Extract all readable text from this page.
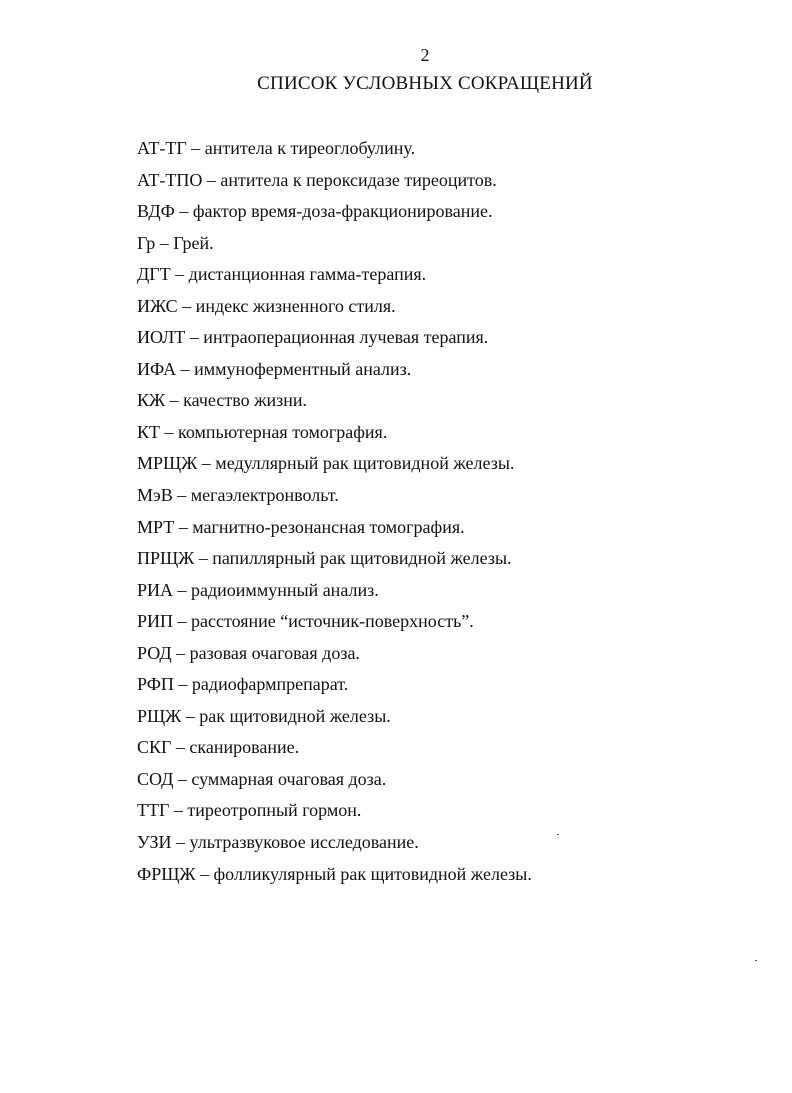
2
СПИСОК УСЛОВНЫХ СОКРАЩЕНИЙ
АТ-ТГ – антитела к тиреоглобулину.
АТ-ТПО – антитела к пероксидазе тиреоцитов.
ВДФ – фактор время-доза-фракционирование.
Гр – Грей.
ДГТ – дистанционная гамма-терапия.
ИЖС – индекс жизненного стиля.
ИОЛТ – интраоперационная лучевая терапия.
ИФА – иммуноферментный анализ.
КЖ – качество жизни.
КТ – компьютерная томография.
МРЩЖ – медуллярный рак щитовидной железы.
МэВ – мегаэлектронвольт.
МРТ – магнитно-резонансная томография.
ПРЩЖ – папиллярный рак щитовидной железы.
РИА – радиоиммунный анализ.
РИП – расстояние “источник-поверхность”.
РОД – разовая очаговая доза.
РФП – радиофармпрепарат.
РЩЖ – рак щитовидной железы.
СКГ – сканирование.
СОД – суммарная очаговая доза.
ТТГ – тиреотропный гормон.
УЗИ – ультразвуковое исследование.
ФРЩЖ – фолликулярный рак щитовидной железы.
